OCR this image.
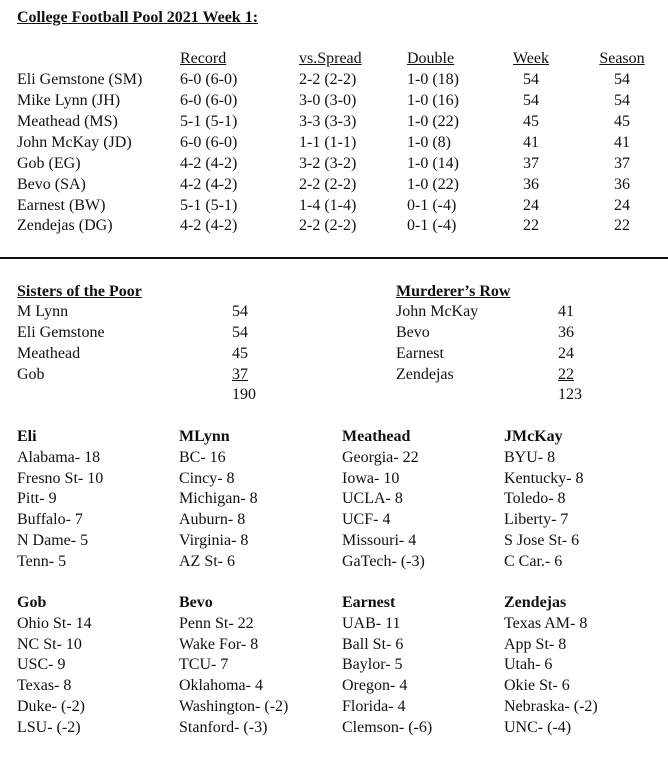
College Football Pool 2021 Week 1:
Record	vs.Spread	Double	Week	Season
Eli Gemstone (SM) 6-0 (6-0)	2-2 (2-2)	1-0 (18)	54	54
Mike Lynn (JH)	6-0 (6-0)	3-0 (3-0)	1-0 (16)	54	54
Meathead (MS)	5-1 (5-1)	3-3 (3-3)	1-0 (22)	45	45
John McKay (JD)	6-0 (6-0)	1-1 (1-1)	1-0 (8)	41	41
Gob (EG)	4-2 (4-2)	3-2 (3-2)	1-0 (14)	37	37
Bevo (SA)	4-2 (4-2)	2-2 (2-2)	1-0 (22)	36	36
Earnest (BW)	5-1 (5-1)	1-4 (1-4)	0-1 (-4)	24	24
Zendejas (DG)	4-2 (4-2)	2-2 (2-2)	0-1 (-4)	22	22
Sisters of the Poor
M Lynn	54
Eli Gemstone	54
Meathead	45
Gob	37
190
Murderer’s Row
John McKay	41
Bevo	36
Earnest	24
Zendejas	22
123
Eli
Alabama- 18
Fresno St- 10
Pitt- 9
Buffalo- 7
N Dame- 5
Tenn- 5
MLynn
BC- 16
Cincy- 8
Michigan- 8
Auburn- 8
Virginia- 8
AZ St- 6
Meathead
Georgia- 22
Iowa- 10
UCLA- 8
UCF- 4
Missouri- 4
GaTech- (-3)
JMcKay
BYU- 8
Kentucky- 8
Toledo- 8
Liberty- 7
S Jose St- 6
C Car.- 6
Gob
Ohio St- 14
NC St- 10
USC- 9
Texas- 8
Duke- (-2)
LSU- (-2)
Bevo
Penn St- 22
Wake For- 8
TCU- 7
Oklahoma- 4
Washington- (-2)
Stanford- (-3)
Earnest
UAB- 11
Ball St- 6
Baylor- 5
Oregon- 4
Florida- 4
Clemson- (-6)
Zendejas
Texas AM- 8
App St- 8
Utah- 6
Okie St- 6
Nebraska- (-2)
UNC- (-4)
